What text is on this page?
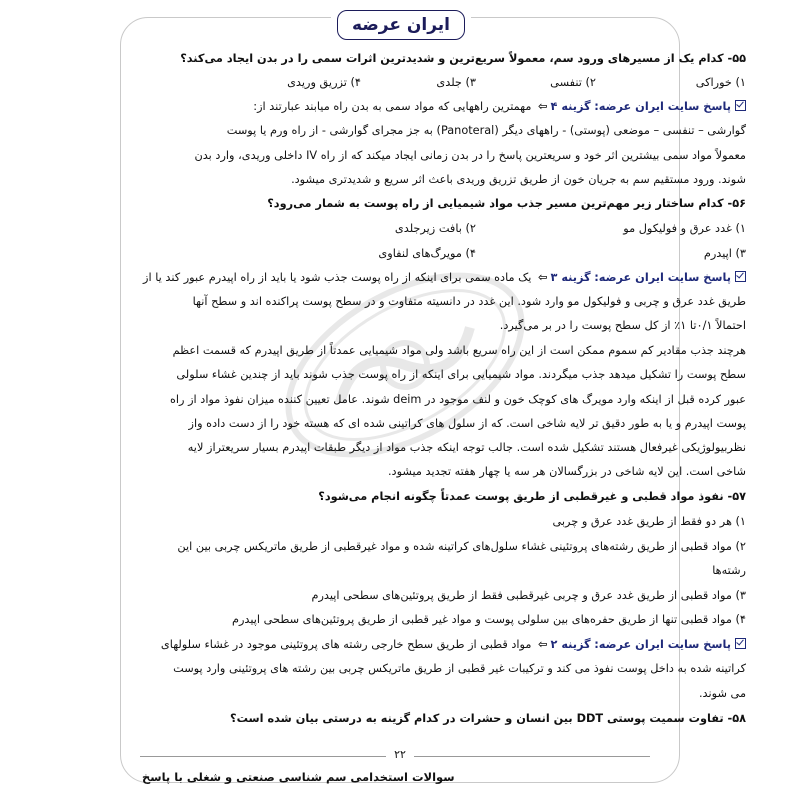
ایران عرضه
۵۵- کدام یک از مسیرهای ورود سم، معمولاً سریع‌ترین و شدیدترین اثرات سمی را در بدن ایجاد می‌کند؟
۱) خوراکی
۲) تنفسی
۳) جلدی
۴) تزریق وریدی
پاسخ سایت ایران عرضه: گزینه ۴⇦ مهمترین راههایی که مواد سمی به بدن راه میابند عبارتند از:
گوارشی – تنفسی – موضعی (پوستی) - راههای دیگر (Panoteral) به جز مجرای گوارشی - از راه ورم یا پوست
معمولاً مواد سمی بیشترین اثر خود و سریعترین پاسخ را در بدن زمانی ایجاد میکند که از راه IV داخلی وریدی، وارد بدن
شوند. ورود مستقیم سم به جریان خون از طریق تزریق وریدی باعث اثر سریع و شدیدتری میشود.
۵۶- کدام ساختار زیر مهم‌ترین مسیر جذب مواد شیمیایی از راه پوست به شمار می‌رود؟
۱) غدد عرق و فولیکول مو
۲) بافت زیرجلدی
۳) اپیدرم
۴) مویرگ‌های لنفاوی
پاسخ سایت ایران عرضه: گزینه ۳⇦ یک ماده سمی برای اینکه از راه پوست جذب شود یا باید از راه اپیدرم عبور کند یا از
طریق غدد عرق و چربی و فولیکول مو وارد شود. این غدد در دانسیته متفاوت و در سطح پوست پراکنده اند و سطح آنها
احتمالاً ۰/۱تا ۱٪ از کل سطح پوست را در بر می‌گیرد.
هرچند جذب مقادیر کم سموم ممکن است از این راه سریع باشد ولی مواد شیمیایی عمدتاً از طریق اپیدرم که قسمت اعظم
سطح پوست را تشکیل میدهد جذب میگردند. مواد شیمیایی برای اینکه از راه پوست جذب شوند باید از چندین غشاء سلولی
عبور کرده قبل از اینکه وارد مویرگ های کوچک خون و لنف موجود در deim شوند. عامل تعیین کننده میزان نفوذ مواد از راه
پوست اپیدرم و یا به طور دقیق تر لایه شاخی است. که از سلول های کراتینی شده ای که هسته خود را از دست داده واز
نظربیولوژیکی غیرفعال هستند تشکیل شده است. جالب توجه اینکه جذب مواد از دیگر طبقات اپیدرم بسیار سریعتراز لایه
شاخی است. این لایه شاخی در بزرگسالان هر سه یا چهار هفته تجدید میشود.
۵۷- نفوذ مواد قطبی و غیرقطبی از طریق پوست عمدتاً چگونه انجام می‌شود؟
۱) هر دو فقط از طریق غدد عرق و چربی
۲) مواد قطبی از طریق رشته‌های پروتئینی غشاء سلول‌های کراتینه شده و مواد غیرقطبی از طریق ماتریکس چربی بین این
رشته‌ها
۳) مواد قطبی از طریق غدد عرق و چربی غیرقطبی فقط از طریق پروتئین‌های سطحی اپیدرم
۴) مواد قطبی تنها از طریق حفره‌های بین سلولی پوست و مواد غیر قطبی از طریق پروتئین‌های سطحی اپیدرم
پاسخ سایت ایران عرضه: گزینه ۲⇦ مواد قطبی از طریق سطح خارجی رشته های پروتئینی موجود در غشاء سلولهای
کراتینه شده به داخل پوست نفوذ می کند و ترکیبات غیر قطبی از طریق ماتریکس چربی بین رشته های پروتئینی وارد پوست
می شوند.
۵۸- تفاوت سمیت پوستی DDT بین انسان و حشرات در کدام گزینه به درستی بیان شده است؟
۲۲
سوالات استخدامی سم شناسی صنعتی و شغلی با پاسخ
